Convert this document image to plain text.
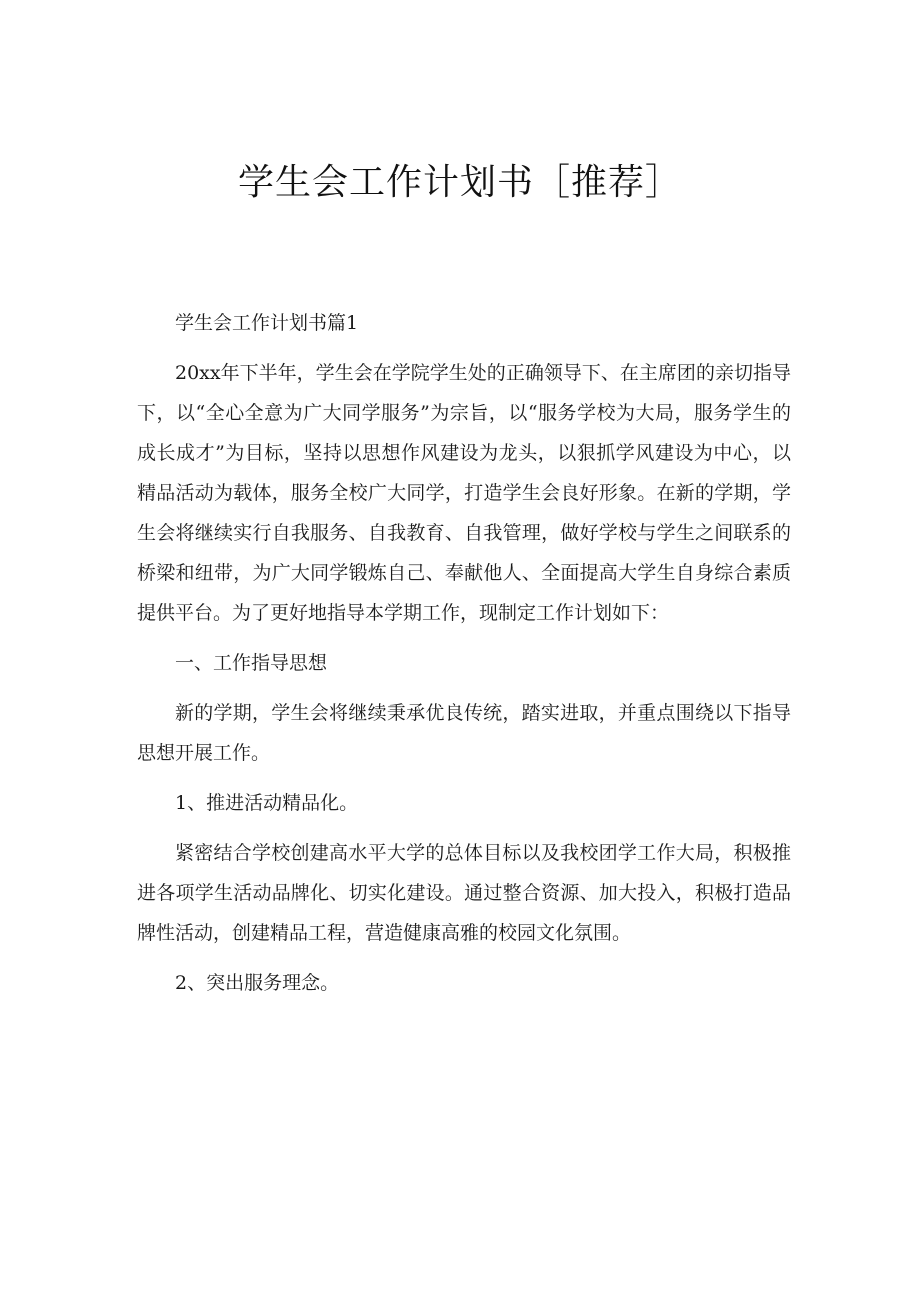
学生会工作计划书［推荐］

学生会工作计划书篇1

20xx年下半年，学生会在学院学生处的正确领导下、在主席团的亲切指导下，以“全心全意为广大同学服务”为宗旨，以“服务学校为大局，服务学生的成长成才”为目标，坚持以思想作风建设为龙头，以狠抓学风建设为中心，以精品活动为载体，服务全校广大同学，打造学生会良好形象。在新的学期，学生会将继续实行自我服务、自我教育、自我管理，做好学校与学生之间联系的桥梁和纽带，为广大同学锻炼自己、奉献他人、全面提高大学生自身综合素质提供平台。为了更好地指导本学期工作，现制定工作计划如下：

一、工作指导思想

新的学期，学生会将继续秉承优良传统，踏实进取，并重点围绕以下指导思想开展工作。

1、推进活动精品化。

紧密结合学校创建高水平大学的总体目标以及我校团学工作大局，积极推进各项学生活动品牌化、切实化建设。通过整合资源、加大投入，积极打造品牌性活动，创建精品工程，营造健康高雅的校园文化氛围。

2、突出服务理念。
